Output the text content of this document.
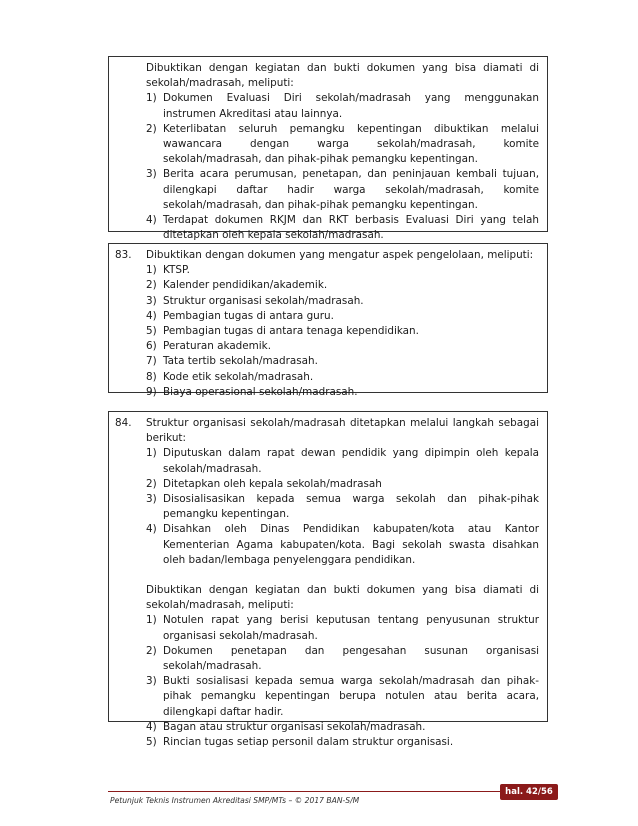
Dibuktikan dengan kegiatan dan bukti dokumen yang bisa diamati di sekolah/madrasah, meliputi:
1) Dokumen Evaluasi Diri sekolah/madrasah yang menggunakan instrumen Akreditasi atau lainnya.
2) Keterlibatan seluruh pemangku kepentingan dibuktikan melalui wawancara dengan warga sekolah/madrasah, komite sekolah/madrasah, dan pihak-pihak pemangku kepentingan.
3) Berita acara perumusan, penetapan, dan peninjauan kembali tujuan, dilengkapi daftar hadir warga sekolah/madrasah, komite sekolah/madrasah, dan pihak-pihak pemangku kepentingan.
4) Terdapat dokumen RKJM dan RKT berbasis Evaluasi Diri yang telah ditetapkan oleh kepala sekolah/madrasah.
83.	Dibuktikan dengan dokumen yang mengatur aspek pengelolaan, meliputi:
1) KTSP.
2) Kalender pendidikan/akademik.
3) Struktur organisasi sekolah/madrasah.
4) Pembagian tugas di antara guru.
5) Pembagian tugas di antara tenaga kependidikan.
6) Peraturan akademik.
7) Tata tertib sekolah/madrasah.
8) Kode etik sekolah/madrasah.
9) Biaya operasional sekolah/madrasah.
84.	Struktur organisasi sekolah/madrasah ditetapkan melalui langkah sebagai berikut:
1) Diputuskan dalam rapat dewan pendidik yang dipimpin oleh kepala sekolah/madrasah.
2) Ditetapkan oleh kepala sekolah/madrasah
3) Disosialisasikan kepada semua warga sekolah dan pihak-pihak pemangku kepentingan.
4) Disahkan oleh Dinas Pendidikan kabupaten/kota atau Kantor Kementerian Agama kabupaten/kota. Bagi sekolah swasta disahkan oleh badan/lembaga penyelenggara pendidikan.
Dibuktikan dengan kegiatan dan bukti dokumen yang bisa diamati di sekolah/madrasah, meliputi:
1) Notulen rapat yang berisi keputusan tentang penyusunan struktur organisasi sekolah/madrasah.
2) Dokumen penetapan dan pengesahan susunan organisasi sekolah/madrasah.
3) Bukti sosialisasi kepada semua warga sekolah/madrasah dan pihak-pihak pemangku kepentingan berupa notulen atau berita acara, dilengkapi daftar hadir.
4) Bagan atau struktur organisasi sekolah/madrasah.
5) Rincian tugas setiap personil dalam struktur organisasi.
hal. 42/56
Petunjuk Teknis Instrumen Akreditasi SMP/MTs – © 2017 BAN-S/M
